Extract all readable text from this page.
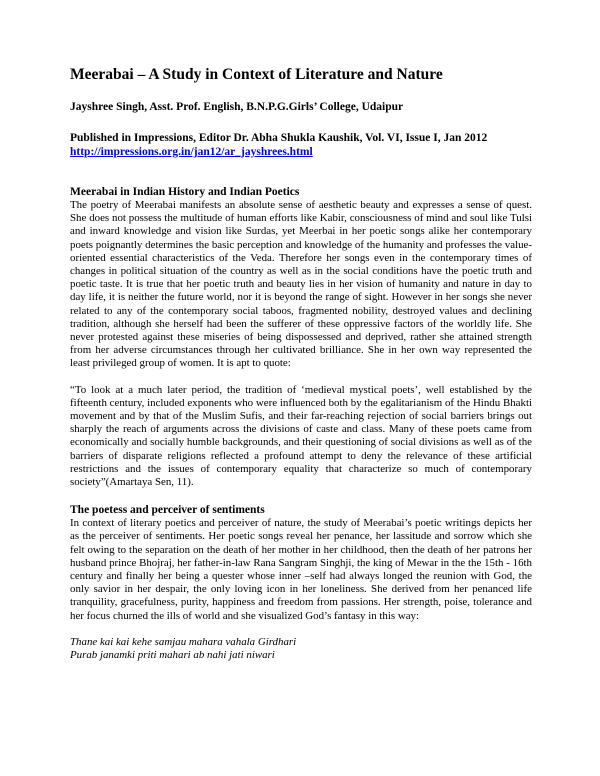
Meerabai – A Study in Context of Literature and Nature
Jayshree Singh, Asst. Prof. English, B.N.P.G.Girls’ College, Udaipur
Published in Impressions, Editor Dr. Abha Shukla Kaushik, Vol. VI, Issue I, Jan 2012
http://impressions.org.in/jan12/ar_jayshrees.html
Meerabai in Indian History and Indian Poetics

The poetry of Meerabai manifests an absolute sense of aesthetic beauty and expresses a sense of quest. She does not possess the multitude of human efforts like Kabir, consciousness of mind and soul like Tulsi and inward knowledge and vision like Surdas, yet Meerbai in her poetic songs alike her contemporary poets poignantly determines the basic perception and knowledge of the humanity and professes the value-oriented essential characteristics of the Veda. Therefore her songs even in the contemporary times of changes in political situation of the country as well as in the social conditions have the poetic truth and poetic taste. It is true that her poetic truth and beauty lies in her vision of humanity and nature in day to day life, it is neither the future world, nor it is beyond the range of sight. However in her songs she never related to any of the contemporary social taboos, fragmented nobility, destroyed values and declining tradition, although she herself had been the sufferer of these oppressive factors of the worldly life. She never protested against these miseries of being dispossessed and deprived, rather she attained strength from her adverse circumstances through her cultivated brilliance. She in her own way represented the least privileged group of women. It is apt to quote:

“To look at a much later period, the tradition of ‘medieval mystical poets’, well established by the fifteenth century, included exponents who were influenced both by the egalitarianism of the Hindu Bhakti movement and by that of the Muslim Sufis, and their far-reaching rejection of social barriers brings out sharply the reach of arguments across the divisions of caste and class. Many of these poets came from economically and socially humble backgrounds, and their questioning of social divisions as well as of the barriers of disparate religions reflected a profound attempt to deny the relevance of these artificial restrictions and the issues of contemporary equality that characterize so much of contemporary society”(Amartaya Sen, 11).

The poetess and perceiver of sentiments

In context of literary poetics and perceiver of nature, the study of Meerabai’s poetic writings depicts her as the perceiver of sentiments. Her poetic songs reveal her penance, her lassitude and sorrow which she felt owing to the separation on the death of her mother in her childhood, then the death of her patrons her husband prince Bhojraj, her father-in-law Rana Sangram Singhji, the king of Mewar in the the 15th - 16th century and finally her being a quester whose inner –self had always longed the reunion with God, the only savior in her despair, the only loving icon in her loneliness. She derived from her penanced life tranquility, gracefulness, purity, happiness and freedom from passions. Her strength, poise, tolerance and her focus churned the ills of world and she visualized God’s fantasy in this way:

Thane kai kai kehe samjau mahara vahala Girdhari
Purab janamki priti mahari ab nahi jati niwari
